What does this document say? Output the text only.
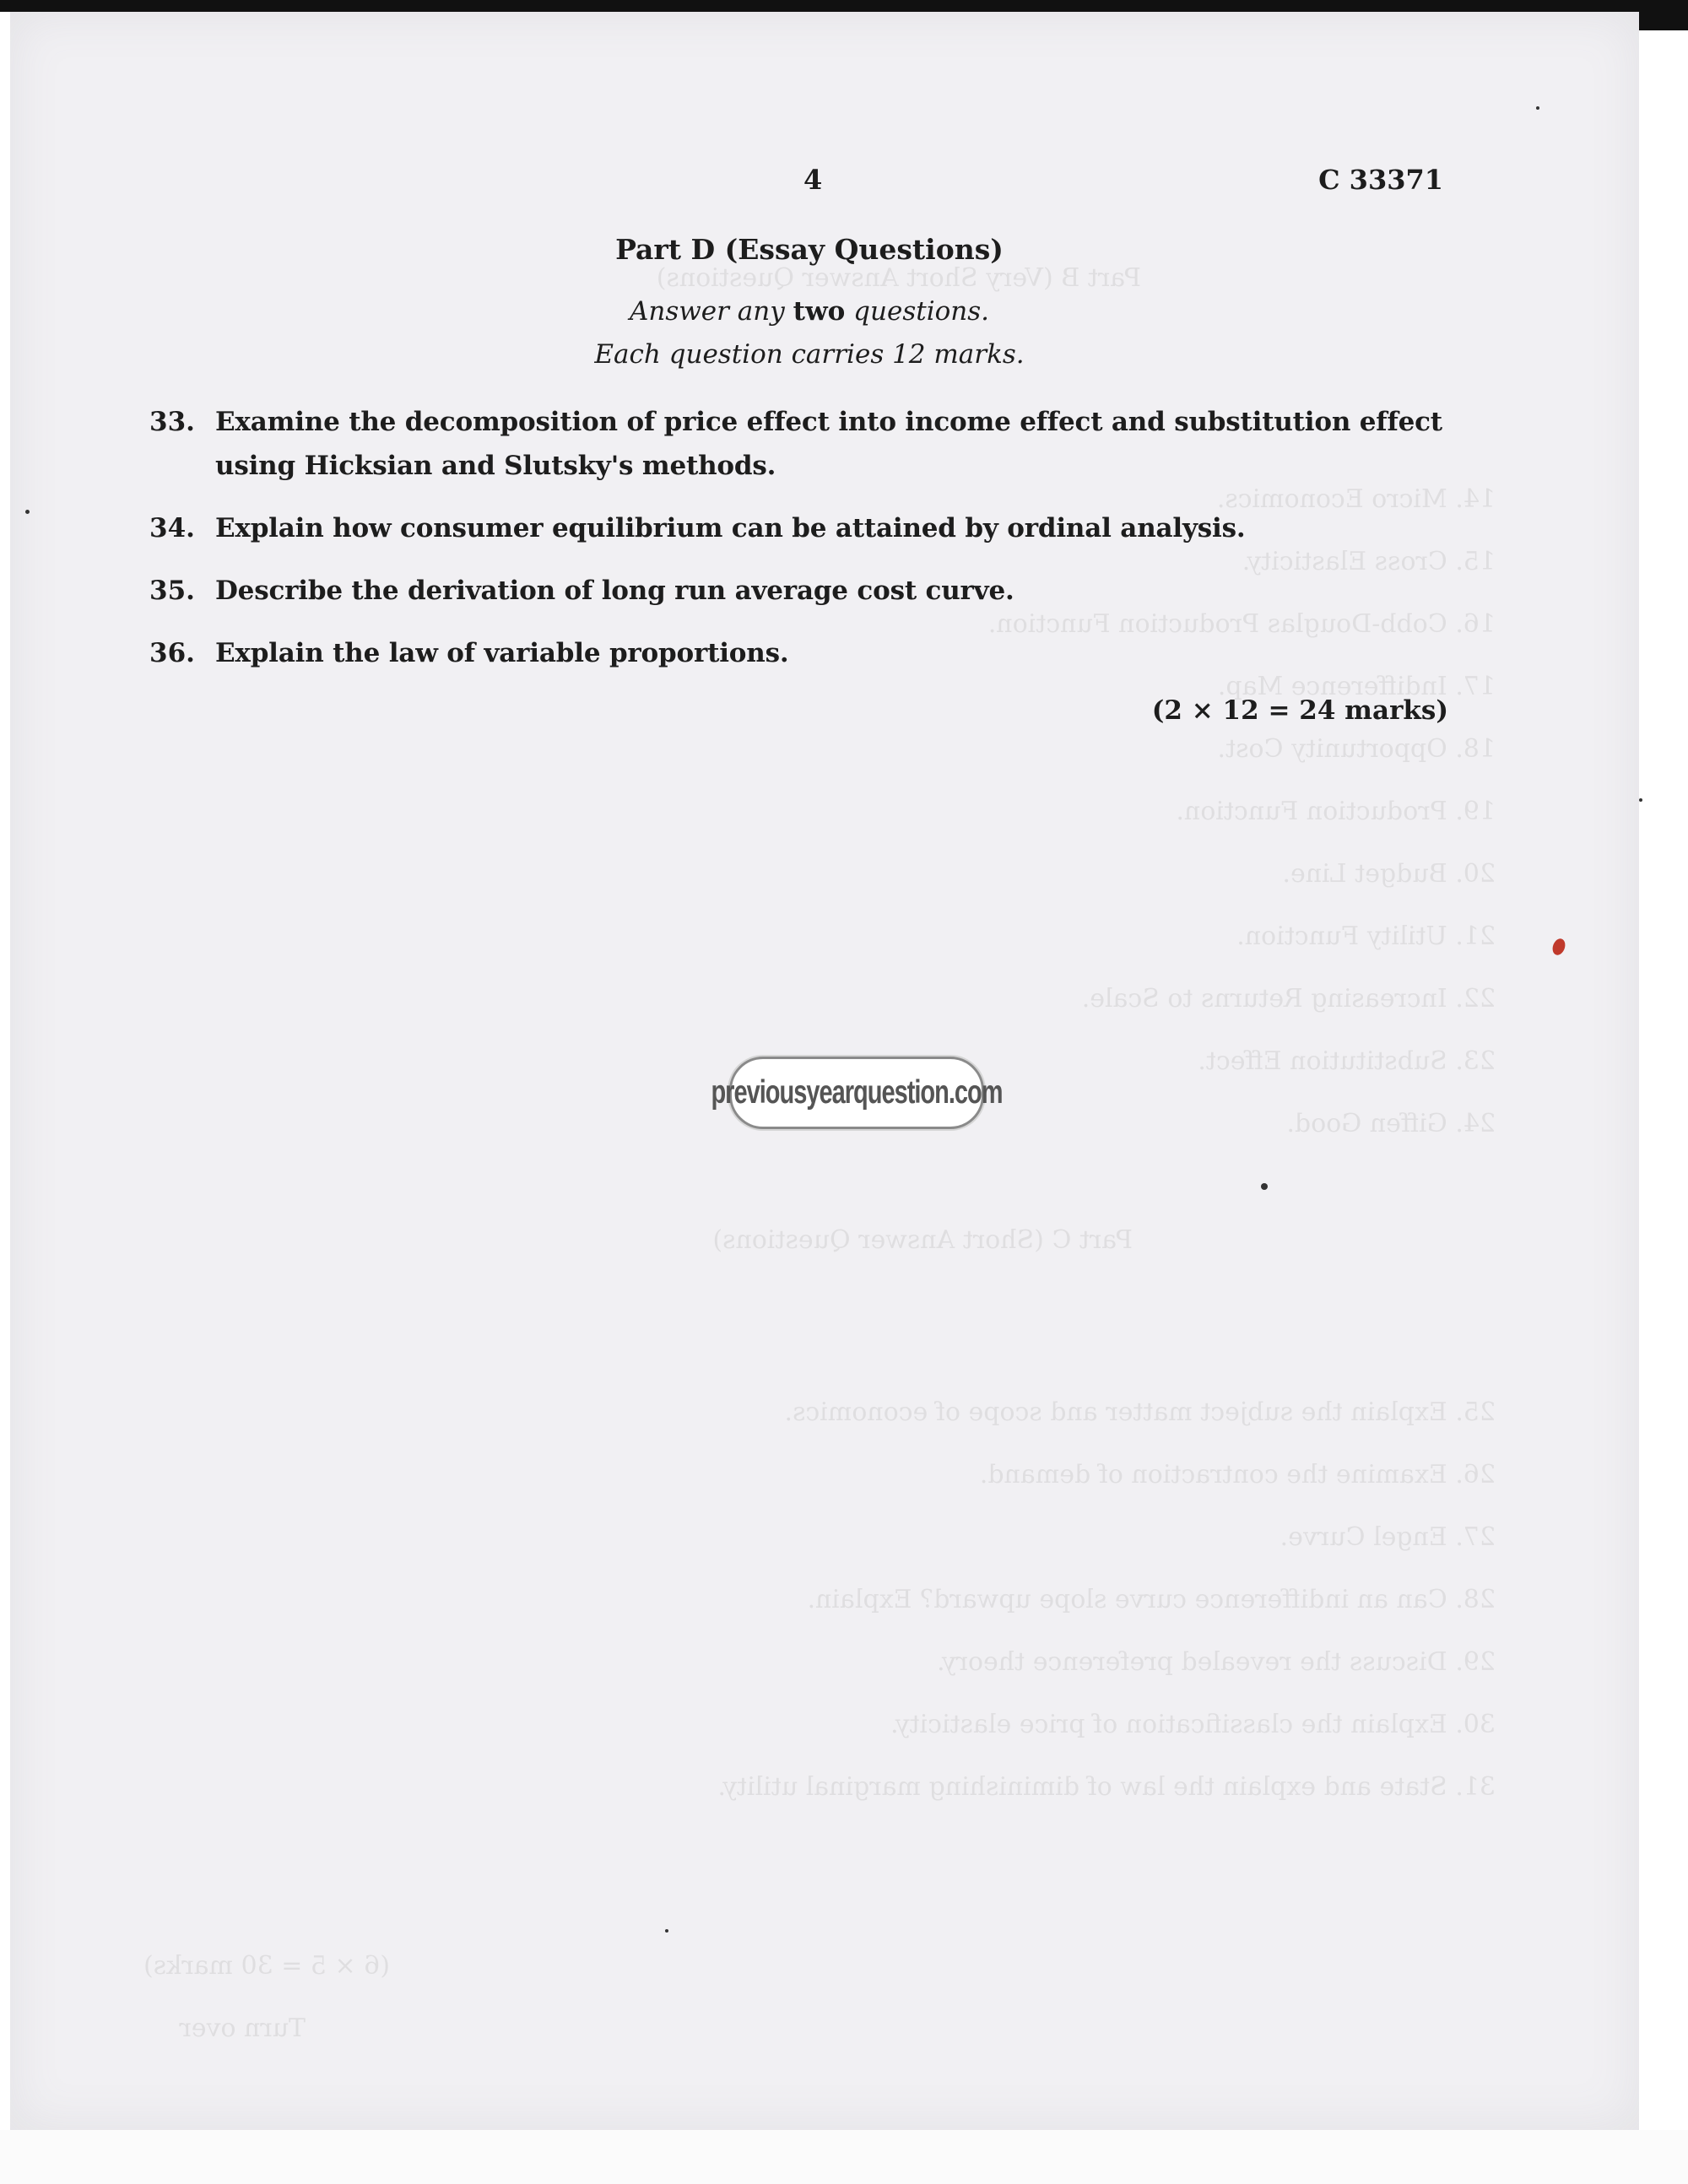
Part B (Very Short Answer Questions)
14. Micro Economics.
15. Cross Elasticity.
16. Cobb-Douglas Production Function.
17. Indifference Map.
18. Opportunity Cost.
19. Production Function.
20. Budget Line.
21. Utility Function.
22. Increasing Returns to Scale.
23. Substitution Effect.
24. Giffen Good.
Part C (Short Answer Questions)
25. Explain the subject matter and scope of economics.
26. Examine the contraction of demand.
27. Engel Curve.
28. Can an indifference curve slope upward? Explain.
29. Discuss the revealed preference theory.
30. Explain the classification of price elasticity.
31. State and explain the law of diminishing marginal utility.
(6 × 5 = 30 marks)
Turn over
4	C 33371
Part D (Essay Questions)
Answer any two questions.
Each question carries 12 marks.
33. Examine the decomposition of price effect into income effect and substitution effect using Hicksian and Slutsky's methods.
34. Explain how consumer equilibrium can be attained by ordinal analysis.
35. Describe the derivation of long run average cost curve.
36. Explain the law of variable proportions.
(2 × 12 = 24 marks)
previousyearquestion.com
